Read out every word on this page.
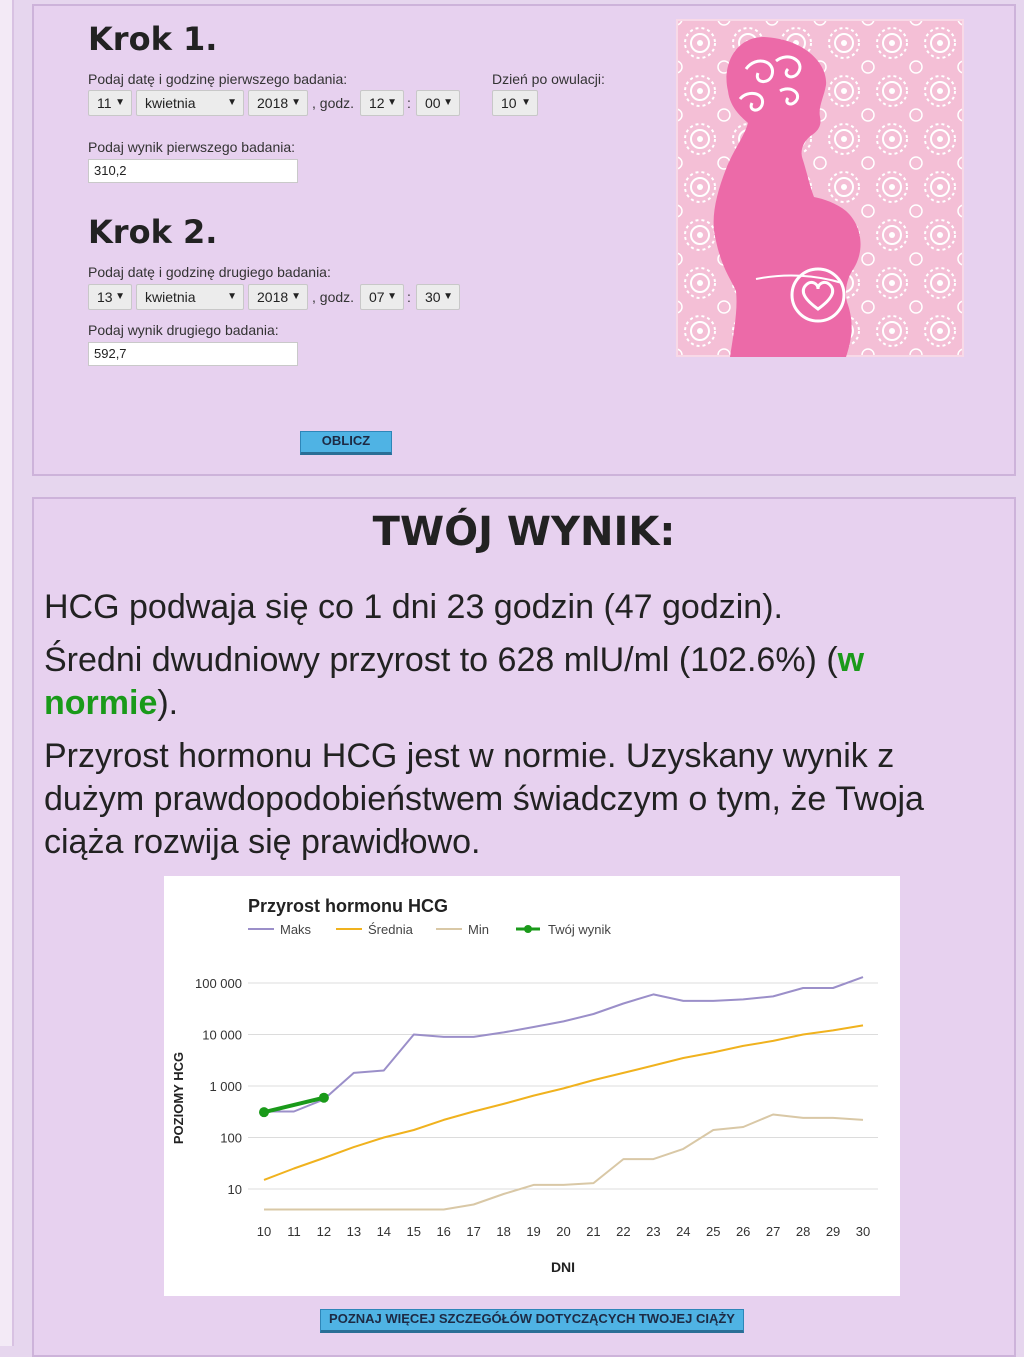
Krok 1.
Podaj datę i godzinę pierwszego badania:
11 ▼	kwietnia	▼	2018 ▼ , godz.	12 ▼ :	00 ▼
Dzień po owulacji:
10 ▼
Podaj wynik pierwszego badania:
310,2
Krok 2.
Podaj datę i godzinę drugiego badania:
13 ▼	kwietnia	▼	2018 ▼ , godz.	07 ▼ :	30 ▼
Podaj wynik drugiego badania:
592,7
OBLICZ
TWÓJ WYNIK:
HCG podwaja się co 1 dni 23 godzin (47 godzin).
Średni dwudniowy przyrost to 628 mlU/ml (102.6%) (w normie).
Przyrost hormonu HCG jest w normie. Uzyskany wynik z dużym prawdopodobieństwem świadczym o tym, że Twoja ciąża rozwija się prawidłowo.
Przyrost hormonu HCG
Maks	Średnia	Min	Twój wynik
10
100
1 000
10 000
100 000
10 11 12 13 14 15 16 17 18 19 20 21 22 23 24 25 26 27 28 29 30
POZIOMY HCG
DNI
POZNAJ WIĘCEJ SZCZEGÓŁÓW DOTYCZĄCYCH TWOJEJ CIĄŻY
